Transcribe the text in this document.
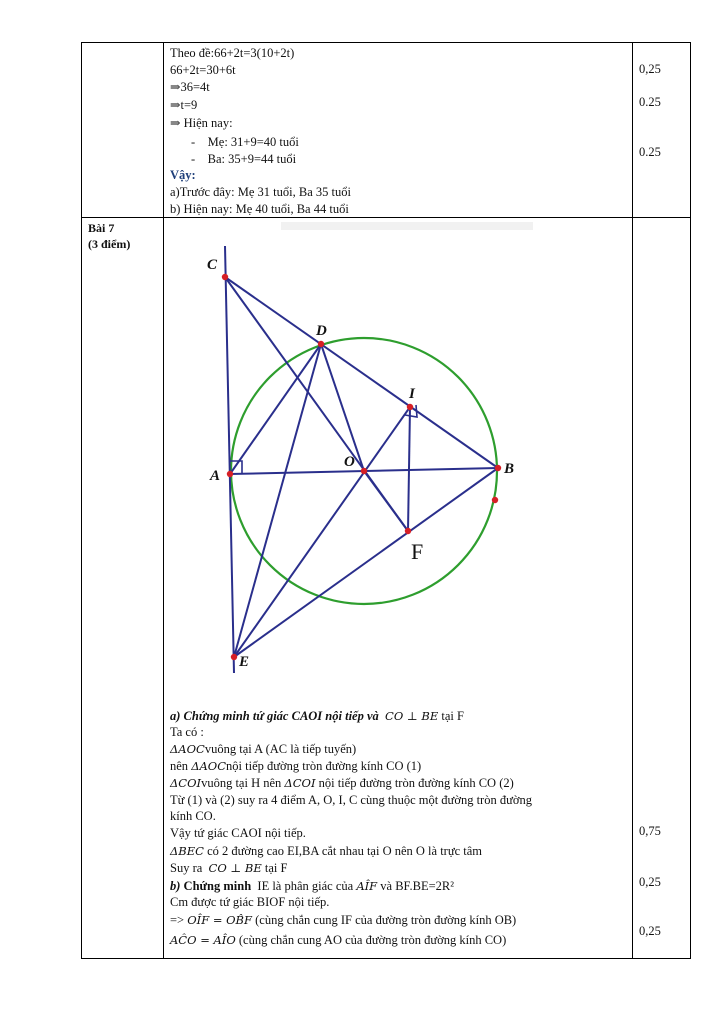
Theo đề:66+2t=3(10+2t)
66+2t=30+6t
⇒36=4t
⇒t=9
⇒ Hiện nay:
-    Mẹ: 31+9=40 tuổi
-    Ba: 35+9=44 tuổi
Vậy:
a)Trước đây: Mẹ 31 tuổi, Ba 35 tuổi
b) Hiện nay: Mẹ 40 tuổi, Ba 44 tuổi
0,25
0.25
0.25
Bài 7
(3 điểm)
C
D
I
A
O	B
E
F
a) Chứng minh tứ giác CAOI nội tiếp và CO ⊥ BE tại F
Ta có :
ΔAOCvuông tại A (AC là tiếp tuyến)
nên ΔAOCnội tiếp đường tròn đường kính CO (1)
ΔCOIvuông tại H nên ΔCOI nội tiếp đường tròn đường kính CO (2)
Từ (1) và (2) suy ra 4 điểm A, O, I, C cùng thuộc một đường tròn đường
kính CO.
Vậy tứ giác CAOI nội tiếp.
ΔBEC có 2 đường cao EI,BA cắt nhau tại O nên O là trực tâm
Suy ra CO ⊥ BE tại F
b) Chứng minh IE là phân giác của AÎF và BF.BE=2R²
Cm được tứ giác BIOF nội tiếp.
=> OÎF = OB̂F (cùng chắn cung IF của đường tròn đường kính OB)
AĈO = AÎO (cùng chắn cung AO của đường tròn đường kính CO)
0,75
0,25
0,25
